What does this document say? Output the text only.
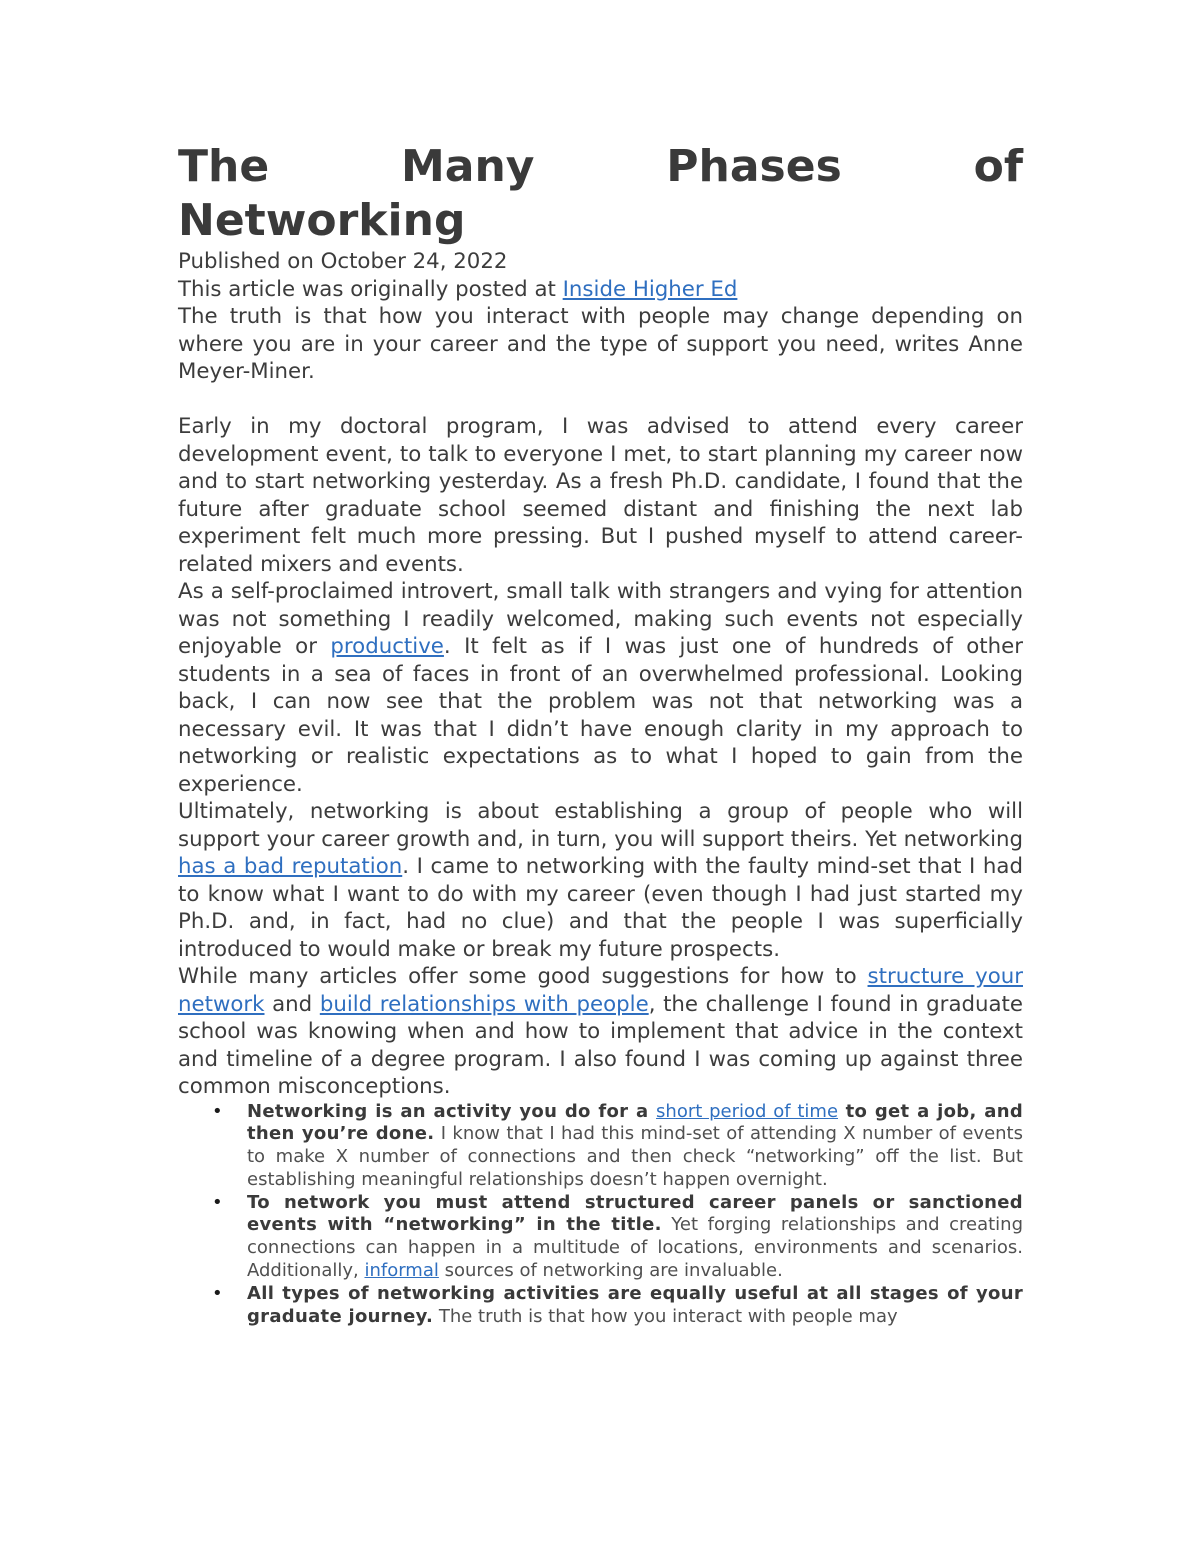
The	Many	Phases	of
Networking

Published on October 24, 2022

This article was originally posted at Inside Higher Ed

The truth is that how you interact with people may change depending on where you are in your career and the type of support you need, writes Anne Meyer-Miner.

Early in my doctoral program, I was advised to attend every career development event, to talk to everyone I met, to start planning my career now and to start networking yesterday. As a fresh Ph.D. candidate, I found that the future after graduate school seemed distant and finishing the next lab experiment felt much more pressing. But I pushed myself to attend career-related mixers and events.

As a self-proclaimed introvert, small talk with strangers and vying for attention was not something I readily welcomed, making such events not especially enjoyable or productive. It felt as if I was just one of hundreds of other students in a sea of faces in front of an overwhelmed professional. Looking back, I can now see that the problem was not that networking was a necessary evil. It was that I didn’t have enough clarity in my approach to networking or realistic expectations as to what I hoped to gain from the experience.

Ultimately, networking is about establishing a group of people who will support your career growth and, in turn, you will support theirs. Yet networking has a bad reputation. I came to networking with the faulty mind-set that I had to know what I want to do with my career (even though I had just started my Ph.D. and, in fact, had no clue) and that the people I was superficially introduced to would make or break my future prospects.

While many articles offer some good suggestions for how to structure your network and build relationships with people, the challenge I found in graduate school was knowing when and how to implement that advice in the context and timeline of a degree program. I also found I was coming up against three common misconceptions.

• Networking is an activity you do for a short period of time to get a job, and then you’re done. I know that I had this mind-set of attending X number of events to make X number of connections and then check “networking” off the list. But establishing meaningful relationships doesn’t happen overnight.
• To network you must attend structured career panels or sanctioned events with “networking” in the title. Yet forging relationships and creating connections can happen in a multitude of locations, environments and scenarios. Additionally, informal sources of networking are invaluable.
• All types of networking activities are equally useful at all stages of your graduate journey. The truth is that how you interact with people may
